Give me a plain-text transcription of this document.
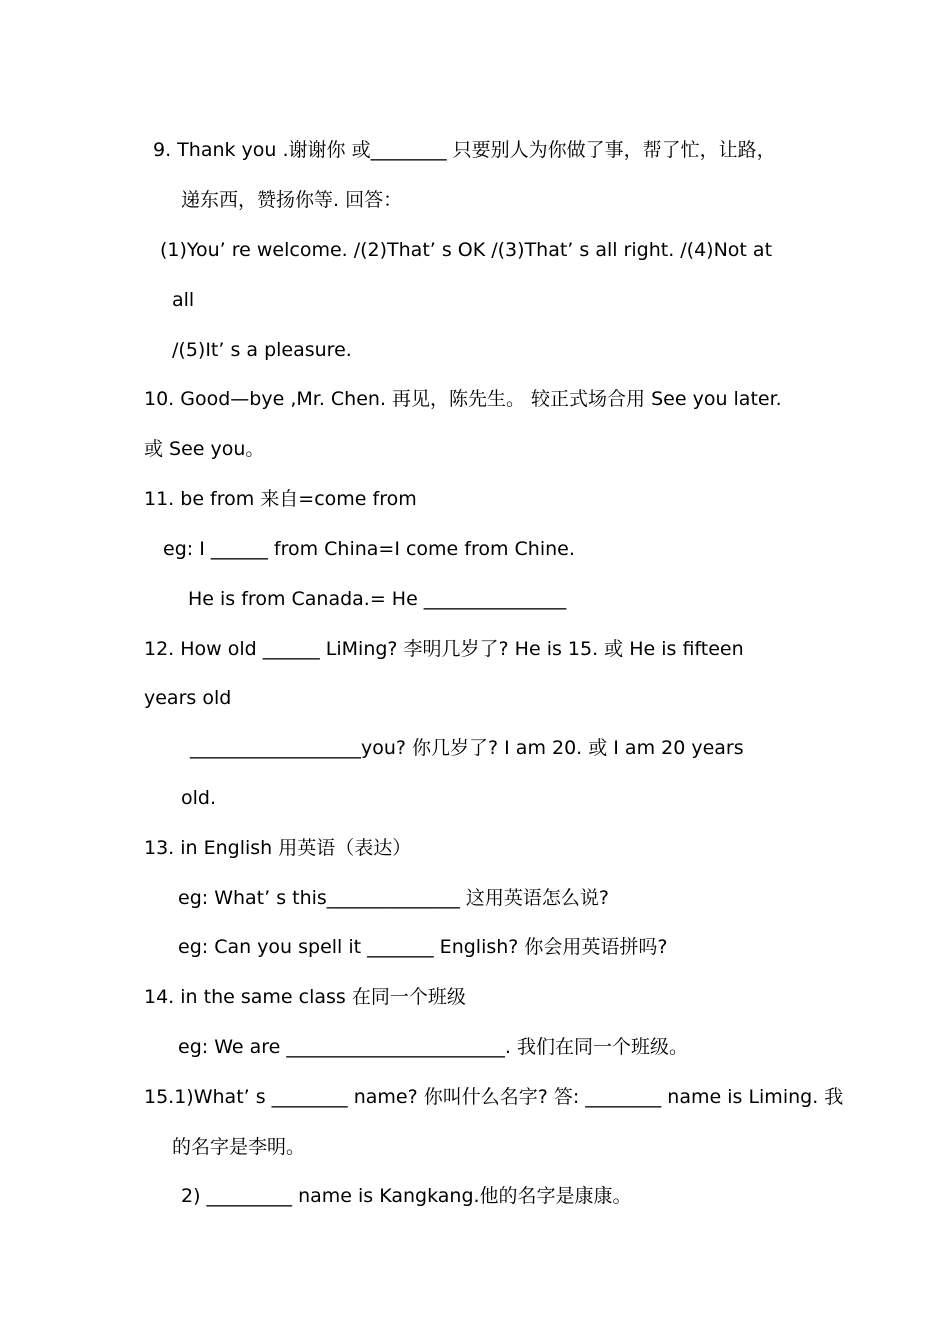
9. Thank you .谢谢你 或________ 只要别人为你做了事，帮了忙，让路，
递东西，赞扬你等. 回答：
(1)You’ re welcome. /(2)That’ s OK /(3)That’ s all right. /(4)Not at
all
/(5)It’ s a pleasure.
10. Good—bye ,Mr. Chen. 再见，陈先生。 较正式场合用 See you later.
或 See you。
11. be from 来自=come from
eg: I ______ from China=I come from Chine.
He is from Canada.= He _______________
12. How old ______ LiMing? 李明几岁了? He is 15. 或 He is fifteen
years old
__________________you? 你几岁了? I am 20. 或 I am 20 years
old.
13. in English 用英语（表达）
eg: What’ s this______________ 这用英语怎么说?
eg: Can you spell it _______ English? 你会用英语拼吗?
14. in the same class 在同一个班级
eg: We are _______________________. 我们在同一个班级。
15.1)What’ s ________ name? 你叫什么名字? 答: ________ name is Liming. 我
的名字是李明。
2) _________ name is Kangkang.他的名字是康康。
